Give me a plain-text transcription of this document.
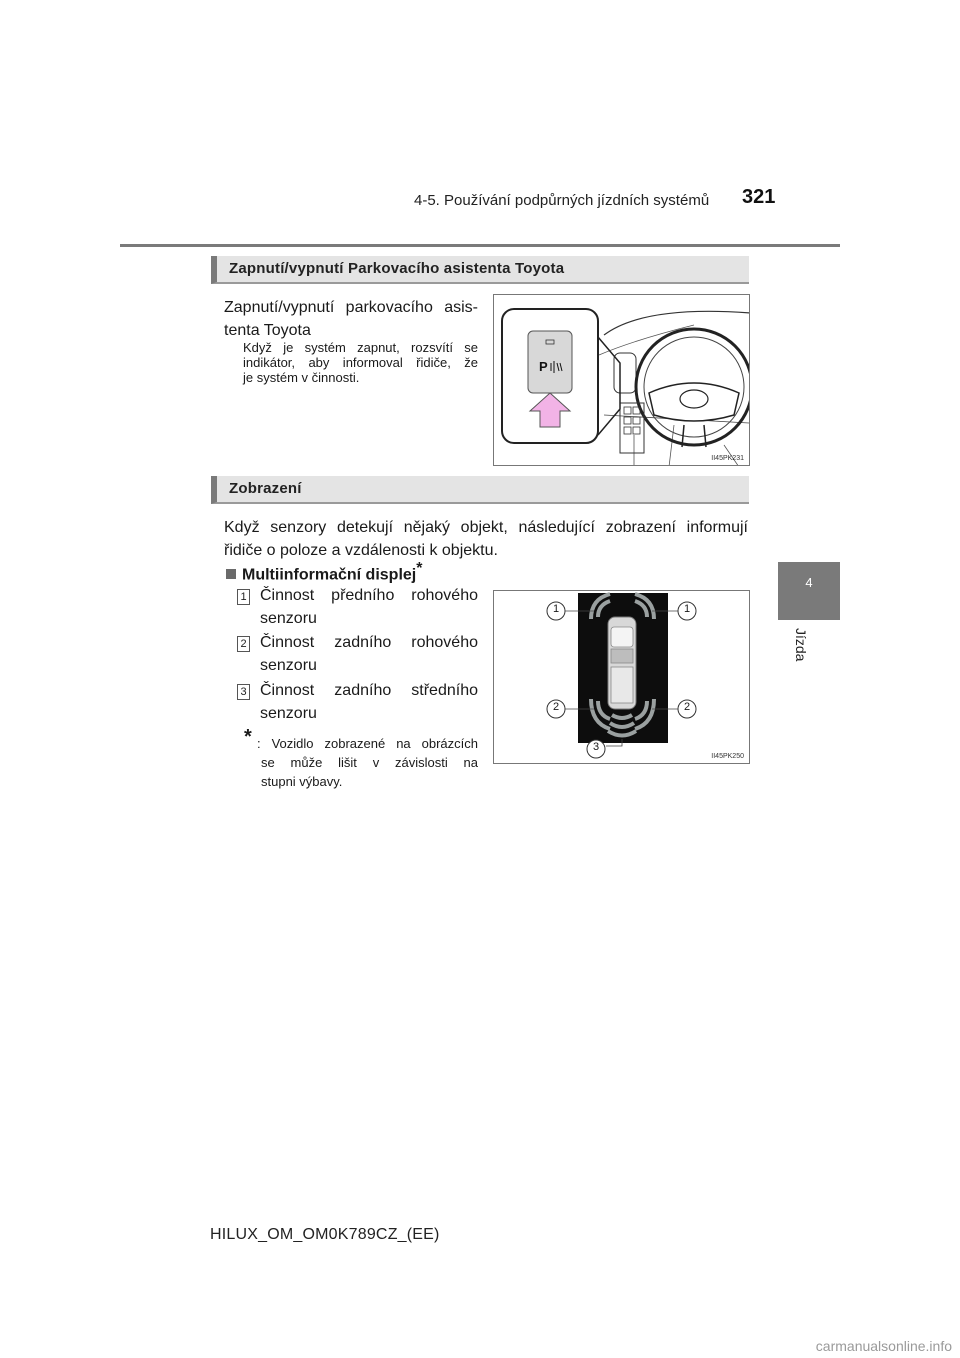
4-5. Používání podpůrných jízdních systémů 321
4
Jízda
Zapnutí/vypnutí Parkovacího asistenta Toyota
Zapnutí/vypnutí parkovacího asis-
tenta Toyota
Když je systém zapnut, rozsvítí se
indikátor, aby informoval řidiče, že
je systém v činnosti.
P
II45PK231
Zobrazení
Když senzory detekují nějaký objekt, následující zobrazení informují
řidiče o poloze a vzdálenosti k objektu.
Multiinformační displej*
1 Činnost předního rohového
senzoru
2 Činnost zadního rohového
senzoru
3 Činnost zadního středního
senzoru
* : Vozidlo zobrazené na obrázcích
se může lišit v závislosti na
stupni výbavy.
1	1
2	2
3
II45PK250
HILUX_OM_OM0K789CZ_(EE)
carmanualsonline.info
